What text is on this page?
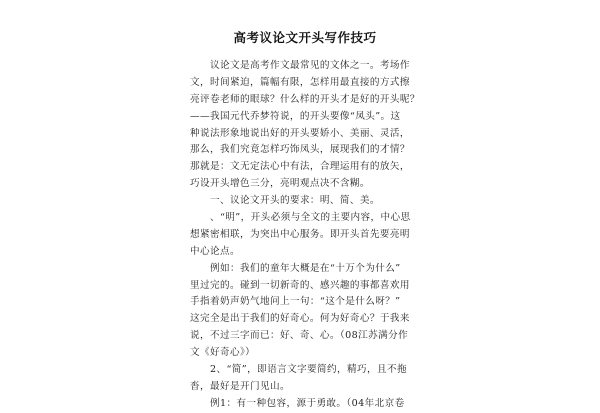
高考议论文开头写作技巧
议论文是高考作文最常见的文体之一。考场作
文，时间紧迫，篇幅有限，怎样用最直接的方式擦
亮评卷老师的眼球？什么样的开头才是好的开头呢？
——我国元代乔梦符说，的开头要像“凤头”。这
种说法形象地说出好的开头要娇小、美丽、灵活，
那么，我们究竟怎样巧饰凤头，展现我们的才情？
那就是：文无定法心中有法，合理运用有的放矢，
巧设开头增色三分，亮明观点决不含糊。
一、议论文开头的要求：明、简、美。
、“明”，开头必须与全文的主要内容，中心思
想紧密相联，为突出中心服务。即开头首先要亮明
中心论点。
例如：我们的童年大概是在“十万个为什么”
里过完的。碰到一切新奇的、感兴趣的事都喜欢用
手指着奶声奶气地问上一句：“这个是什么呀？”
这完全是出于我们的好奇心。何为好奇心？于我来
说，不过三字而已：好、奇、心。（08江苏满分作
文《好奇心》）
2、“简”，即语言文字要简约，精巧，且不拖
沓，最好是开门见山。
例1：有一种包容，源于勇敢。（04年北京卷
